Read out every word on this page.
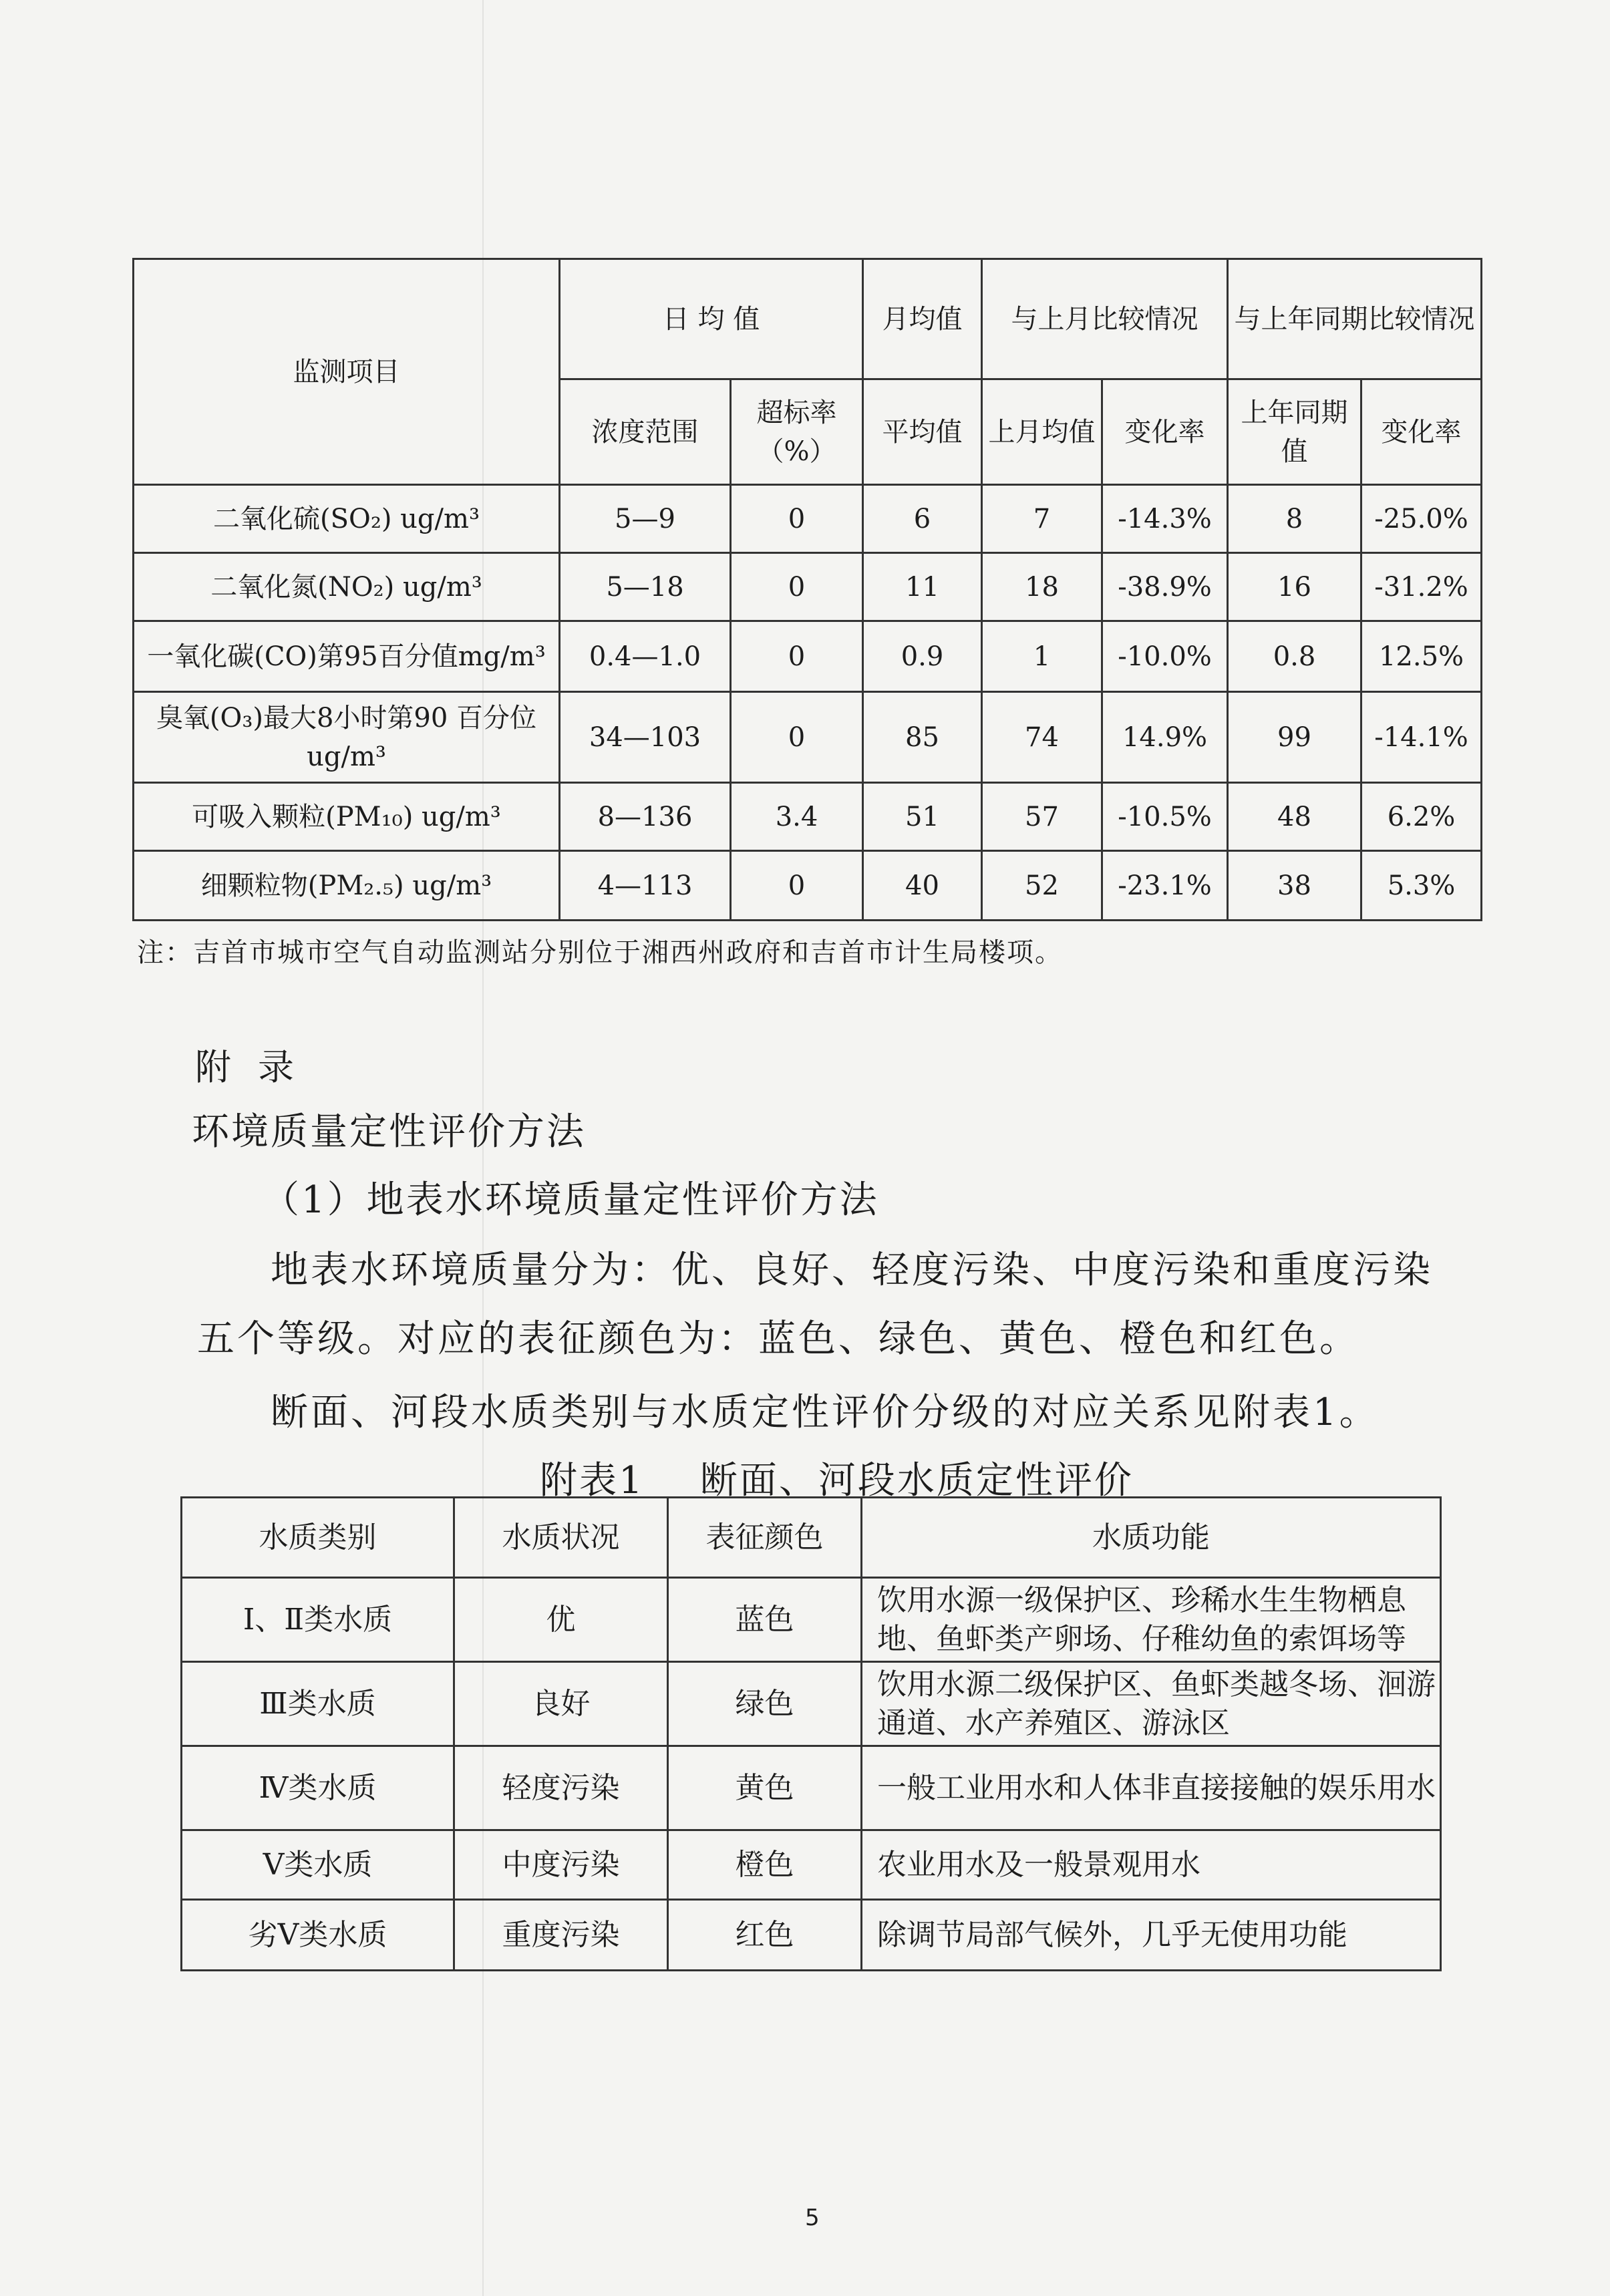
监测项目	日 均 值		月均值	与上月比较情况		与上年同期比较情况	
	浓度范围	超标率（%）	平均值	上月均值	变化率	上年同期值	变化率
二氧化硫(SO₂) ug/m³	5—9	0	6	7	-14.3%	8	-25.0%
二氧化氮(NO₂) ug/m³	5—18	0	11	18	-38.9%	16	-31.2%
一氧化碳(CO)第95百分值mg/m³	0.4—1.0	0	0.9	1	-10.0%	0.8	12.5%
臭氧(O₃)最大8小时第90 百分位ug/m³	34—103	0	85	74	14.9%	99	-14.1%
可吸入颗粒(PM₁₀) ug/m³	8—136	3.4	51	57	-10.5%	48	6.2%
细颗粒物(PM₂.₅) ug/m³	4—113	0	40	52	-23.1%	38	5.3%
注：吉首市城市空气自动监测站分别位于湘西州政府和吉首市计生局楼项。
附录
环境质量定性评价方法
（1）地表水环境质量定性评价方法
地表水环境质量分为：优、良好、轻度污染、中度污染和重度污染
五个等级。对应的表征颜色为：蓝色、绿色、黄色、橙色和红色。
断面、河段水质类别与水质定性评价分级的对应关系见附表1。
附表1    断面、河段水质定性评价
水质类别	水质状况	表征颜色	水质功能
Ⅰ、Ⅱ类水质	优	蓝色	饮用水源一级保护区、珍稀水生生物栖息地、鱼虾类产卵场、仔稚幼鱼的索饵场等
Ⅲ类水质	良好	绿色	饮用水源二级保护区、鱼虾类越冬场、洄游通道、水产养殖区、游泳区
Ⅳ类水质	轻度污染	黄色	一般工业用水和人体非直接接触的娱乐用水
Ⅴ类水质	中度污染	橙色	农业用水及一般景观用水
劣Ⅴ类水质	重度污染	红色	除调节局部气候外，几乎无使用功能
5
